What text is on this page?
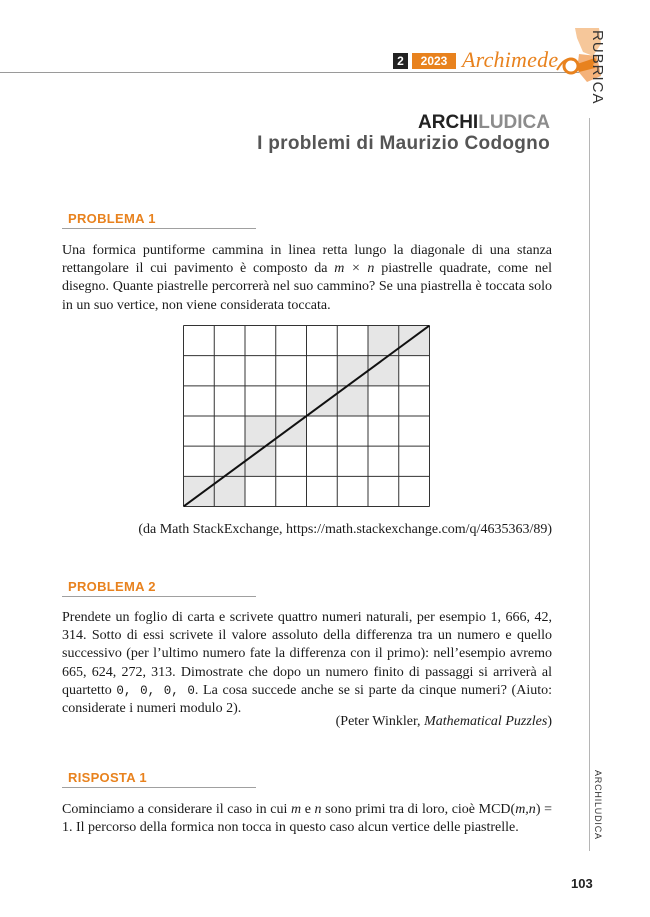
2	2023 Archimede RUBRICA
ARCHILUDICA
ARCHILUDICA
I problemi di Maurizio Codogno
PROBLEMA 1
Una formica puntiforme cammina in linea retta lungo la diagonale di una stanza rettangolare il cui pavimento è composto da m × n piastrelle quadrate, come nel disegno. Quante piastrelle percorrerà nel suo cammino? Se una piastrella è toccata solo in un suo vertice, non viene considerata toccata.
(da Math StackExchange, https://math.stackexchange.com/q/4635363/89)
PROBLEMA 2
Prendete un foglio di carta e scrivete quattro numeri naturali, per esempio 1, 666, 42, 314. Sotto di essi scrivete il valore assoluto della differenza tra un numero e quello successivo (per l’ultimo numero fate la differenza con il primo): nell’esempio avremo 665, 624, 272, 313. Dimostrate che dopo un numero finito di passaggi si arriverà al quartetto 0, 0, 0, 0. La cosa succede anche se si parte da cinque numeri? (Aiuto: considerate i numeri modulo 2).
(Peter Winkler, Mathematical Puzzles)
RISPOSTA 1
Cominciamo a considerare il caso in cui m e n sono primi tra di loro, cioè MCD(m,n) = 1. Il percorso della formica non tocca in questo caso alcun vertice delle piastrelle.
103
